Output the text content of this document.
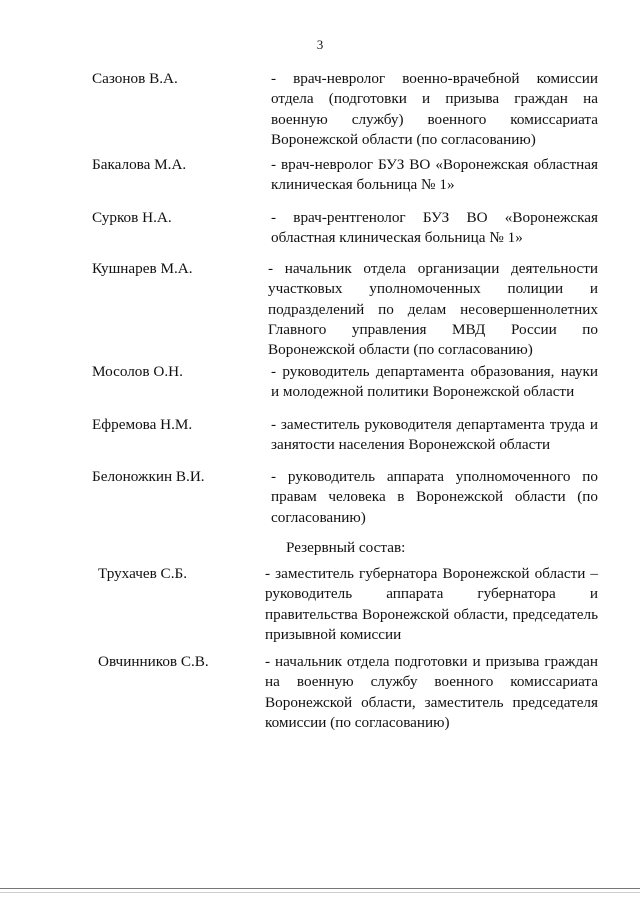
3
Сазонов В.А.	- врач-невролог военно-врачебной комиссии отдела (подготовки и призыва граждан на военную службу) военного комиссариата Воронежской области (по согласованию)
Бакалова М.А.	- врач-невролог БУЗ ВО «Воронежская областная клиническая больница № 1»
Сурков Н.А.	- врач-рентгенолог БУЗ ВО «Воронежская областная клиническая больница № 1»
Кушнарев М.А.	- начальник отдела организации деятельности участковых уполномоченных полиции и подразделений по делам несовершеннолетних Главного управления МВД России по Воронежской области (по согласованию)
Мосолов О.Н.	- руководитель департамента образования, науки и молодежной политики Воронежской области
Ефремова Н.М.	- заместитель руководителя департамента труда и занятости населения Воронежской области
Белоножкин В.И.	- руководитель аппарата уполномоченного по правам человека в Воронежской области (по согласованию)
Резервный состав:
Трухачев С.Б.	- заместитель губернатора Воронежской области – руководитель аппарата губернатора и правительства Воронежской области, председатель призывной комиссии
Овчинников С.В.	- начальник отдела подготовки и призыва граждан на военную службу военного комиссариата Воронежской области, заместитель председателя комиссии (по согласованию)
